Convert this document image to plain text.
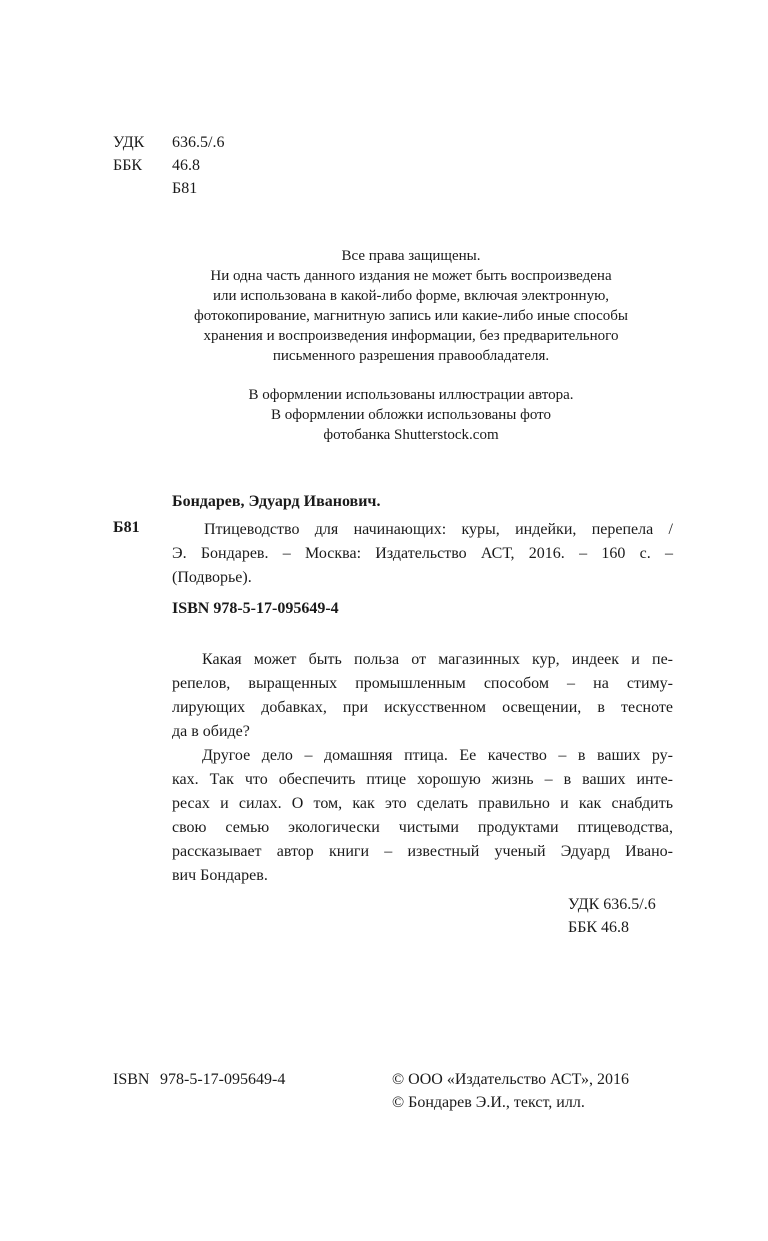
УДК 636.5/.6
ББК 46.8
Б81
Все права защищены.
Ни одна часть данного издания не может быть воспроизведена
или использована в какой-либо форме, включая электронную,
фотокопирование, магнитную запись или какие-либо иные способы
хранения и воспроизведения информации, без предварительного
письменного разрешения правообладателя.
В оформлении использованы иллюстрации автора.
В оформлении обложки использованы фото
фотобанка Shutterstock.com
Бондарев, Эдуард Иванович.
Б81	Птицеводство для начинающих: куры, индейки, перепела /
Э. Бондарев. – Москва: Издательство АСТ, 2016. – 160 с. –
(Подворье).
ISBN 978-5-17-095649-4
Какая может быть польза от магазинных кур, индеек и пе-
репелов, выращенных промышленным способом – на стиму-
лирующих добавках, при искусственном освещении, в тесноте
да в обиде?
Другое дело – домашняя птица. Ее качество – в ваших ру-
ках. Так что обеспечить птице хорошую жизнь – в ваших инте-
ресах и силах. О том, как это сделать правильно и как снабдить
свою семью экологически чистыми продуктами птицеводства,
рассказывает автор книги – известный ученый Эдуард Ивано-
вич Бондарев.
УДК 636.5/.6
ББК 46.8
ISBN 978-5-17-095649-4	© ООО «Издательство АСТ», 2016
© Бондарев Э.И., текст, илл.
